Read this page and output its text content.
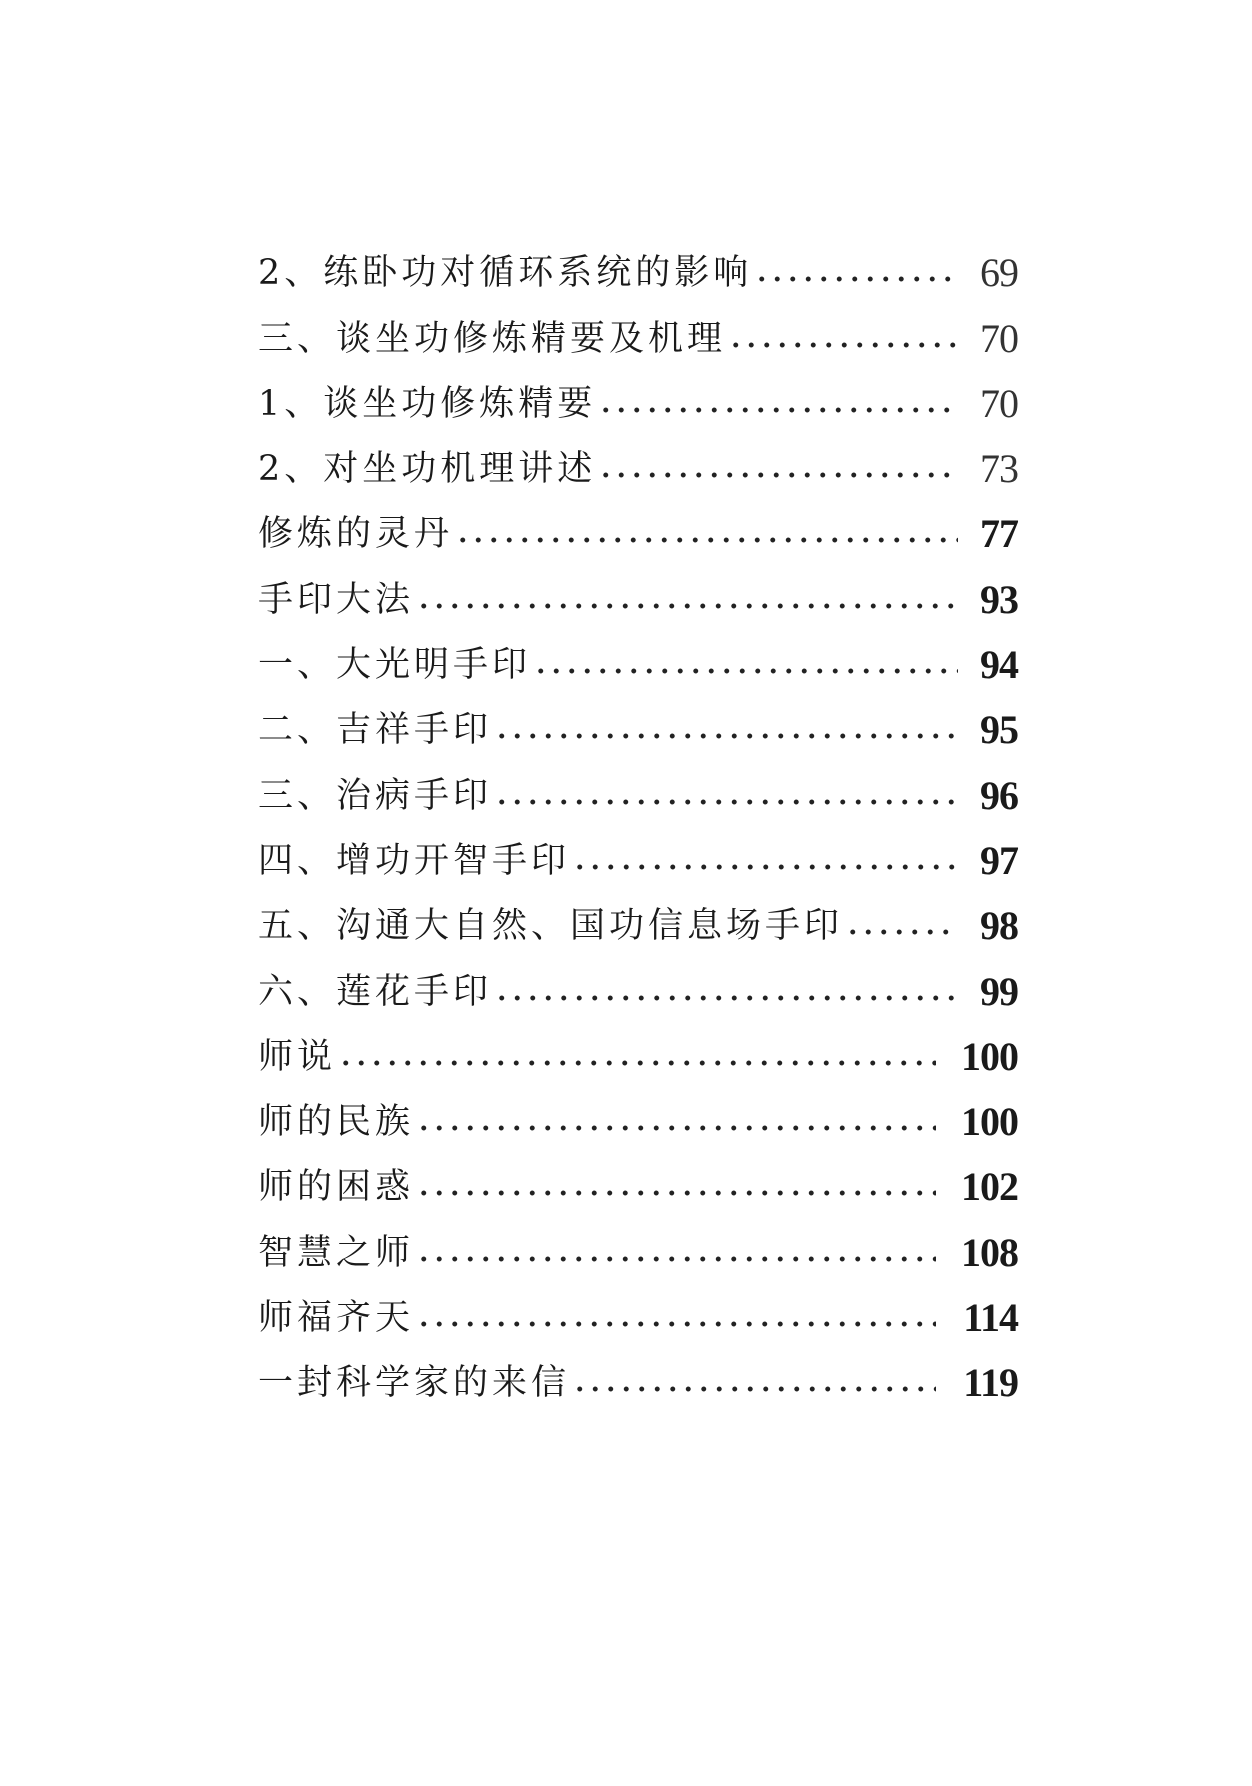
2、练卧功对循环系统的影响	69
三、谈坐功修炼精要及机理	70
1、谈坐功修炼精要	70
2、对坐功机理讲述	73
修炼的灵丹	77
手印大法	93
一、大光明手印	94
二、吉祥手印	95
三、治病手印	96
四、增功开智手印	97
五、沟通大自然、国功信息场手印	98
六、莲花手印	99
师说	100
师的民族	100
师的困惑	102
智慧之师	108
师福齐天	114
一封科学家的来信	119
